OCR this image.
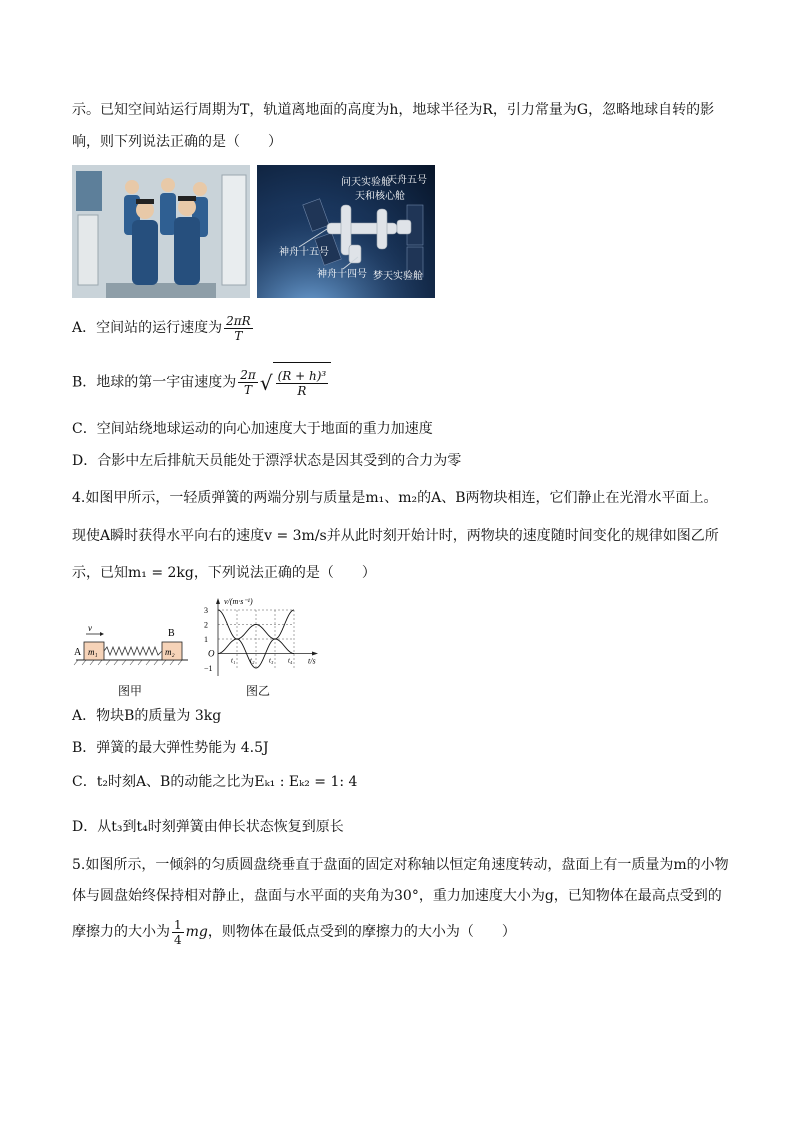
示。已知空间站运行周期为T，轨道离地面的高度为h，地球半径为R，引力常量为G，忽略地球自转的影
响，则下列说法正确的是（　　）
问天实验舱
天和核心舱
天舟五号
神舟十五号
神舟十四号 梦天实验舱
A．空间站的运行速度为 $\frac{2\pi R}{T}$
B．地球的第一宇宙速度为 $\frac{2\pi}{T}$ √ $\frac{\text{(R + h)³}}{R}$
C．空间站绕地球运动的向心加速度大于地面的重力加速度
D．合影中左后排航天员能处于漂浮状态是因其受到的合力为零
4.如图甲所示，一轻质弹簧的两端分别与质量是m₁、m₂的A、B两物块相连，它们静止在光滑水平面上。
现使A瞬时获得水平向右的速度v = 3m/s并从此时刻开始计时，两物块的速度随时间变化的规律如图乙所
示，已知m₁ = 2kg，下列说法正确的是（　　）
v
A
B
m₁	m₂
图甲
3
2
1
−1
t₁ t₂ t₃ t₄
v/(m·s⁻¹)
t/s
O
图乙
A．物块B的质量为 3kg
B．弹簧的最大弹性势能为 4.5J
C．t₂时刻A、B的动能之比为Eₖ₁ : Eₖ₂ = 1: 4
D．从t₃到t₄时刻弹簧由伸长状态恢复到原长
5.如图所示，一倾斜的匀质圆盘绕垂直于盘面的固定对称轴以恒定角速度转动，盘面上有一质量为m的小物
体与圆盘始终保持相对静止，盘面与水平面的夹角为30°，重力加速度大小为g，已知物体在最高点受到的
摩擦力的大小为 $\frac{1}{4}$ mg，则物体在最低点受到的摩擦力的大小为（　　）
